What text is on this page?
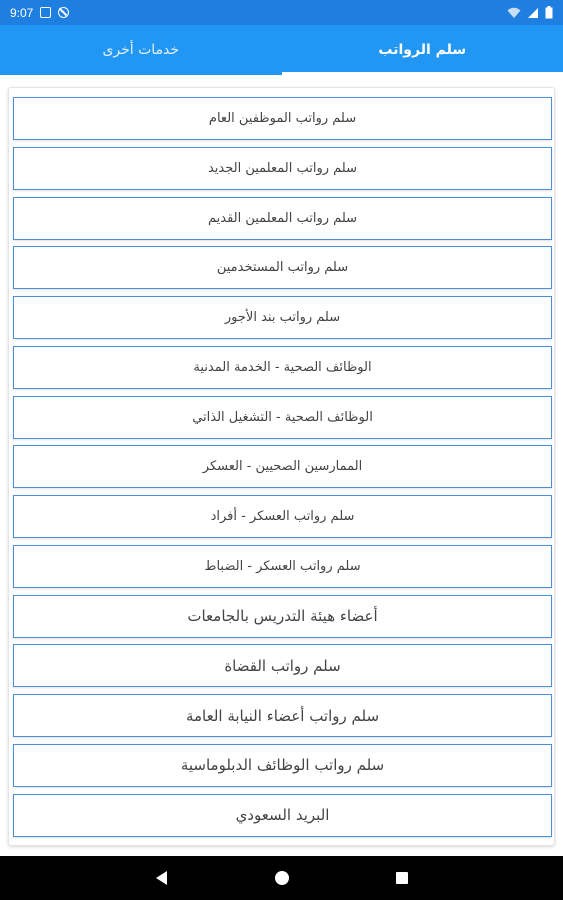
9:07
سلم الرواتب
خدمات أخرى
سلم رواتب الموظفين العام
سلم رواتب المعلمين الجديد
سلم رواتب المعلمين القديم
سلم رواتب المستخدمين
سلم رواتب بند الأجور
الوظائف الصحية - الخدمة المدنية
الوظائف الصحية - التشغيل الذاتي
الممارسين الصحيين - العسكر
سلم رواتب العسكر - أفراد
سلم رواتب العسكر - الضباط
أعضاء هيئة التدريس بالجامعات
سلم رواتب القضاة
سلم رواتب أعضاء النيابة العامة
سلم رواتب الوظائف الدبلوماسية
البريد السعودي
